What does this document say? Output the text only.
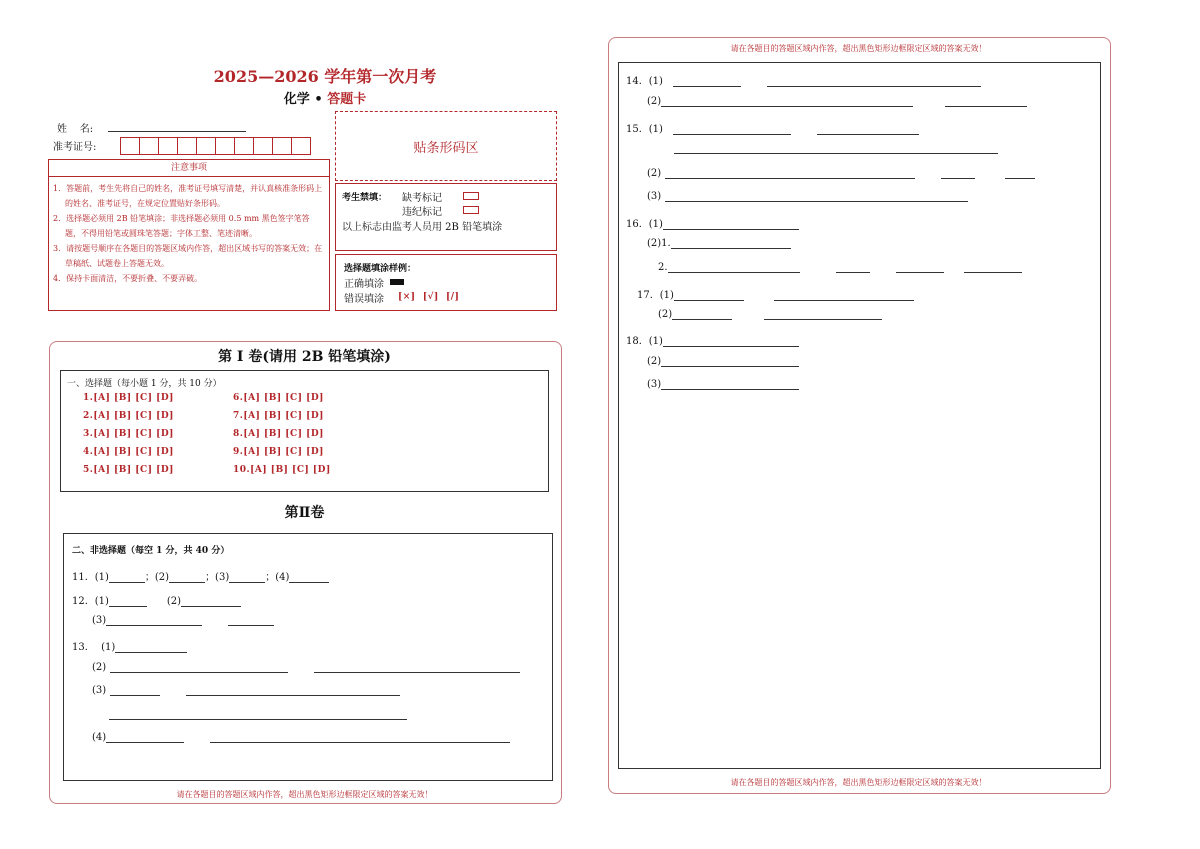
2025—2026 学年第一次月考
化学 • 答题卡
姓    名:
准考证号:	贴条形码区
注意事项
1．答题前，考生先将自己的姓名，准考证号填写清楚，并认真核准条形码上的姓名、准考证号，在规定位置贴好条形码。
2．选择题必须用 2B 铅笔填涂；非选择题必须用 0.5 mm 黑色签字笔答题，不得用铅笔或圆珠笔答题；字体工整、笔迹清晰。
3．请按题号顺序在各题目的答题区域内作答，超出区域书写的答案无效；在草稿纸、试题卷上答题无效。
4．保持卡面清洁，不要折叠、不要弄破。
考生禁填： 缺考标记
违纪标记
以上标志由监考人员用 2B 铅笔填涂
选择题填涂样例：
正确填涂
错误填涂 [×]  [√]  [/]
第 Ⅰ 卷(请用 2B 铅笔填涂)
一、选择题（每小题 1 分，共 10 分）
1.[A] [B] [C] [D]
2.[A] [B] [C] [D]
3.[A] [B] [C] [D]
4.[A] [B] [C] [D]
5.[A] [B] [C] [D]
6.[A] [B] [C] [D]
7.[A] [B] [C] [D]
8.[A] [B] [C] [D]
9.[A] [B] [C] [D]
10.[A] [B] [C] [D]
第Ⅱ卷
二、非选择题（每空 1 分，共 40 分）
11．(1)	；(2)	；(3)	；(4)
12．(1)	(2)
(3)
13．  (1)
(2)
(3)
(4)
请在各题目的答题区域内作答，超出黑色矩形边框限定区域的答案无效！
请在各题目的答题区域内作答，超出黑色矩形边框限定区域的答案无效！
14．(1)
(2)
15．(1)
(2)
(3)
16．(1)
(2)1.
2.
17．(1)
(2)
18．(1)
(2)
(3)
请在各题目的答题区域内作答，超出黑色矩形边框限定区域的答案无效！
